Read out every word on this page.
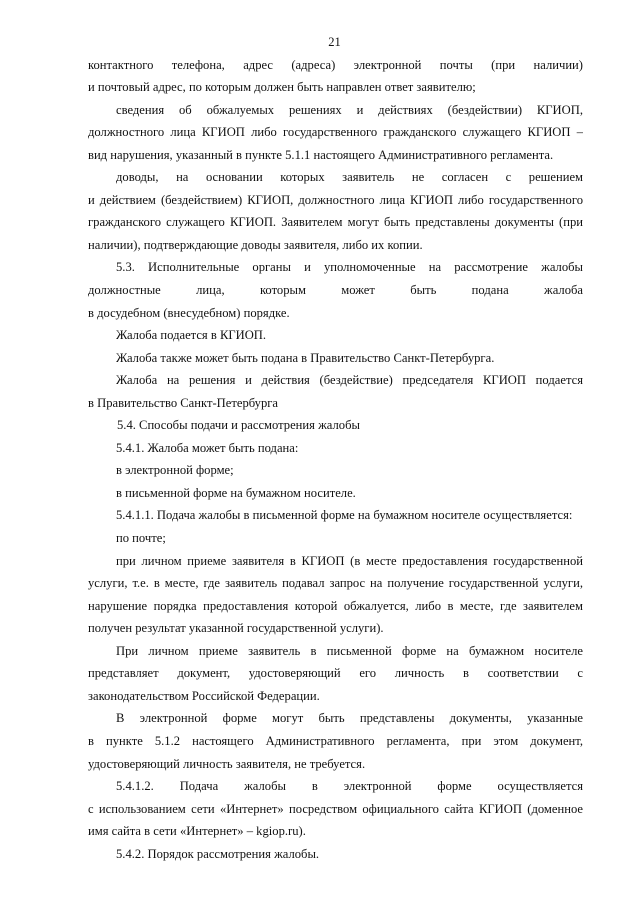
21
контактного телефона, адрес (адреса) электронной почты (при наличии)
и почтовый адрес, по которым должен быть направлен ответ заявителю;
сведения об обжалуемых решениях и действиях (бездействии) КГИОП,
должностного лица КГИОП либо государственного гражданского служащего КГИОП –
вид нарушения, указанный в пункте 5.1.1 настоящего Административного регламента.
доводы, на основании которых заявитель не согласен с решением
и действием (бездействием) КГИОП, должностного лица КГИОП либо государственного
гражданского служащего КГИОП. Заявителем могут быть представлены документы (при
наличии), подтверждающие доводы заявителя, либо их копии.
5.3. Исполнительные органы и уполномоченные на рассмотрение жалобы
должностные лица, которым может быть подана жалоба
в досудебном (внесудебном) порядке.
Жалоба подается в КГИОП.
Жалоба также может быть подана в Правительство Санкт-Петербурга.
Жалоба на решения и действия (бездействие) председателя КГИОП подается
в Правительство Санкт-Петербурга
5.4. Способы подачи и рассмотрения жалобы
5.4.1. Жалоба может быть подана:
в электронной форме;
в письменной форме на бумажном носителе.
5.4.1.1. Подача жалобы в письменной форме на бумажном носителе осуществляется:
по почте;
при личном приеме заявителя в КГИОП (в месте предоставления государственной
услуги, т.е. в месте, где заявитель подавал запрос на получение государственной услуги,
нарушение порядка предоставления которой обжалуется, либо в месте, где заявителем
получен результат указанной государственной услуги).
При личном приеме заявитель в письменной форме на бумажном носителе
представляет документ, удостоверяющий его личность в соответствии с
законодательством Российской Федерации.
В электронной форме могут быть представлены документы, указанные
в пункте 5.1.2 настоящего Административного регламента, при этом документ,
удостоверяющий личность заявителя, не требуется.
5.4.1.2. Подача жалобы в электронной форме осуществляется
с использованием сети «Интернет» посредством официального сайта КГИОП (доменное
имя сайта в сети «Интернет» – kgiop.ru).
5.4.2. Порядок рассмотрения жалобы.
